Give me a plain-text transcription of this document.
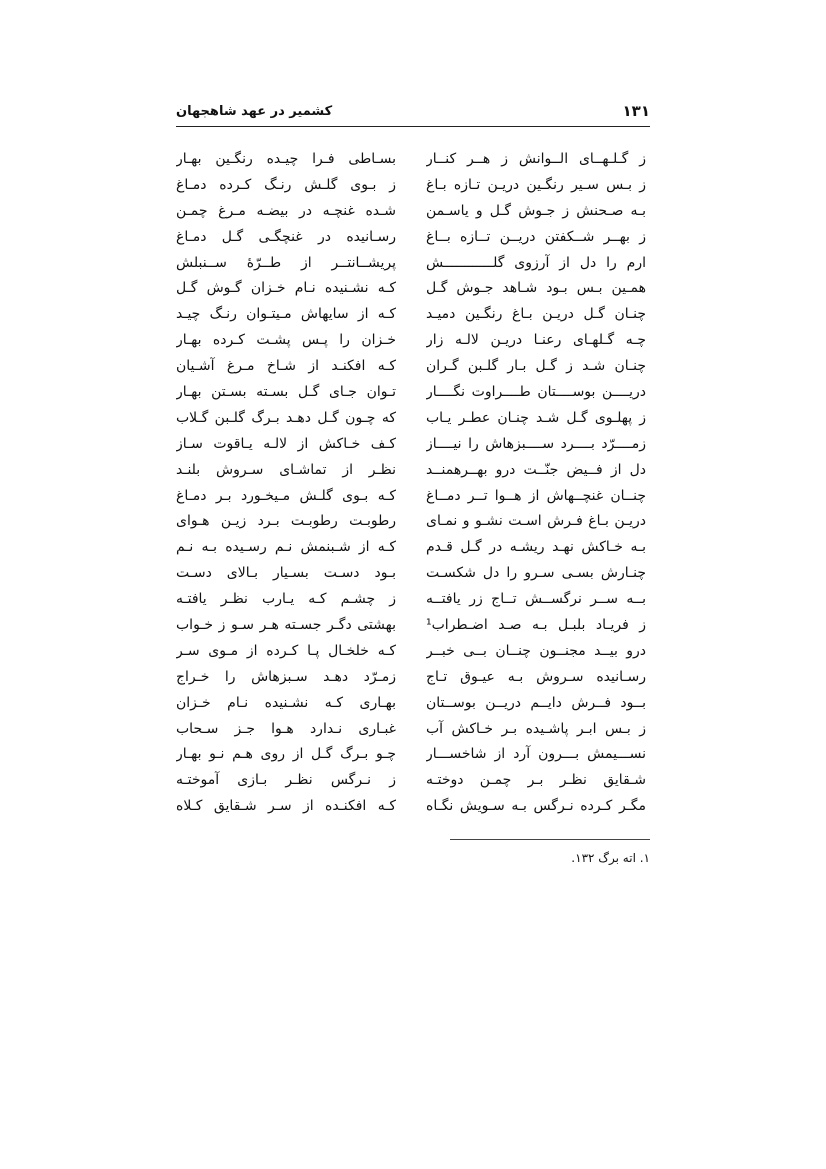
۱۳۱
کشمیر در عهد شاهجهان
ز گـلـهــای الــوانش ز هــر کنــار
ز بـس سـیر رنگـین دریـن تـازه بـاغ
بـه صـحنش ز جـوش گـل و یاسـمن
ز بهــر شــکفتن دریــن تــازه بــاغ
ارم را دل از آرزوی گلــــــــــــش
همـین بـس بـود شـاهد جـوش گـل
چنـان گـل دریـن بـاغ رنگـین دمیـد
چـه گـلهـای رعنـا دریـن لالـه زار
چنـان شـد ز گـل بـار گلـبن گـران
دریــــن بوســــتان طــــراوت نگــــار
ز پهلـوی گـل شـد چنـان عطـر یـاب
زمــــرّد بــــرد ســــبزهاش را نیــــاز
دل از فــیض جنّــت درو بهــرهمنــد
چنــان غنچــهاش از هــوا تــر دمــاغ
دریـن بـاغ فـرش اسـت نشـو و نمـای
بـه خـاکش نهـد ریشـه در گـل قـدم
چنـارش بسـی سـرو را دل شکسـت
بــه ســر نرگســش تــاج زر یافتــه
ز فریـاد بلبـل بـه صـد اضـطراب¹
درو بیــد مجنــون چنــان بــی خبــر
رسـانیده سـروش بـه عیـوق تـاج
بــود فــرش دایــم دریــن بوســتان
ز بـس ابـر پاشـیده بـر خـاکش آب
نســـیمش بـــرون آرد از شاخســـار
شـقایق نظـر بـر چمـن دوختـه
مگـر کـرده نـرگس بـه سـویش نگـاه
بسـاطی فـرا چیـده رنگـین بهـار
ز بـوی گلـش رنـگ کـرده دمـاغ
شـده غنچـه در بیضـه مـرغ چمـن
رسـانیده در غنچگـی گـل دمـاغ
پریشــانتــر از طــرّهٔ ســنبلش
کـه نشـنیده نـام خـزان گـوش گـل
کـه از سایهاش مـیتـوان رنـگ چیـد
خـزان را پـس پشـت کـرده بهـار
کـه افکنـد از شـاخ مـرغ آشـیان
تـوان جـای گـل بسـته بسـتن بهـار
که چـون گـل دهـد بـرگ گلـبن گـلاب
کـف خـاکش از لالـه یـاقوت سـاز
نظـر از تماشـای سـروش بلنـد
کـه بـوی گلـش مـیخـورد بـر دمـاغ
رطوبـت رطوبـت بـرد زیـن هـوای
کـه از شـبنمش نـم رسـیده بـه نـم
بـود دسـت بسـیار بـالای دسـت
ز چشـم کـه یـارب نظـر یافتـه
بهشتی دگـر جسـته هـر سـو ز خـواب
کـه خلخـال پـا کـرده از مـوی سـر
زمـرّد دهـد سـبزهاش را خـراج
بهـاری کـه نشـنیده نـام خـزان
غبـاری نـدارد هـوا جـز سـحاب
چـو بـرگ گـل از روی هـم نـو بهـار
ز نـرگس نظـر بـازی آموختـه
کـه افکنـده از سـر شـقایق کـلاه
۱. اته برگ ۱۳۲.
